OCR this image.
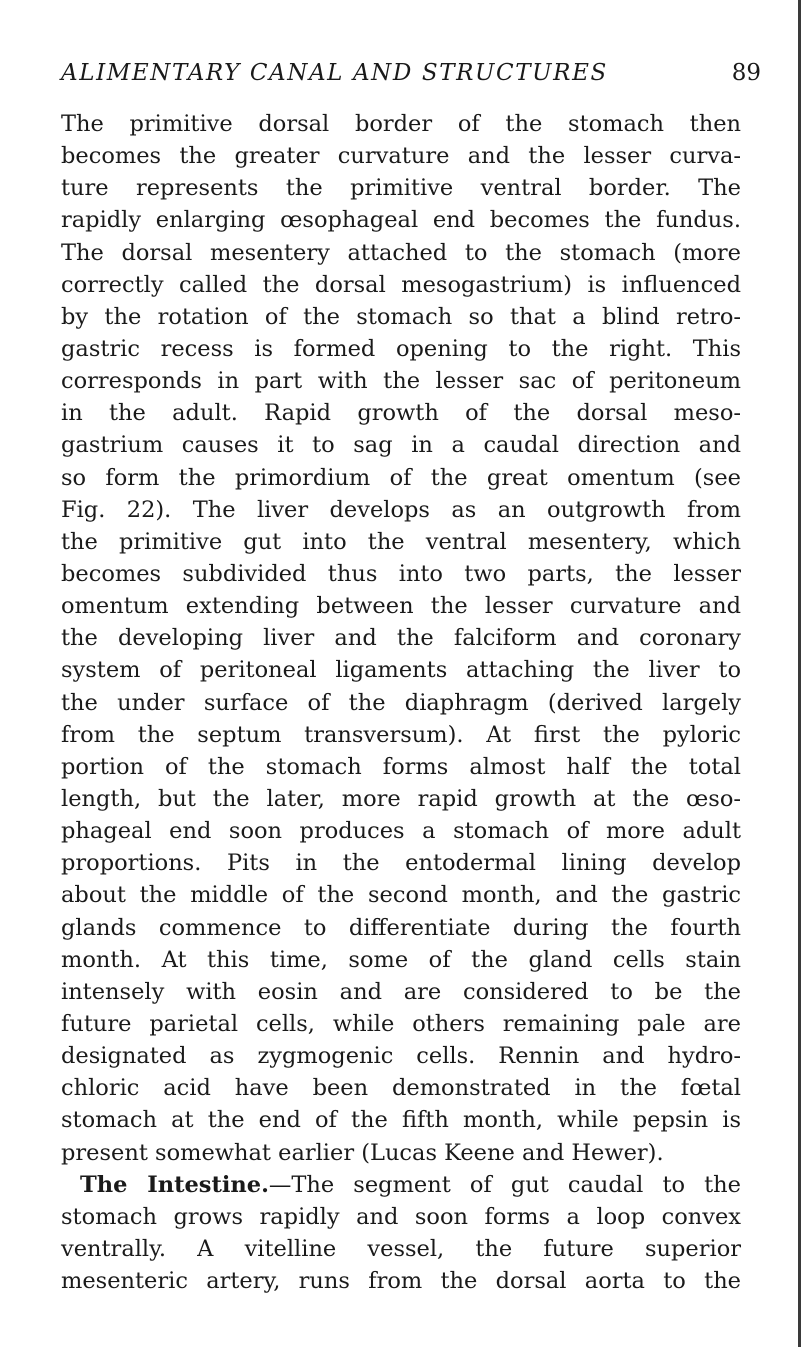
ALIMENTARY CANAL AND STRUCTURES	89
The primitive dorsal border of the stomach then
becomes the greater curvature and the lesser curva-
ture represents the primitive ventral border. The
rapidly enlarging œsophageal end becomes the fundus.
The dorsal mesentery attached to the stomach (more
correctly called the dorsal mesogastrium) is influenced
by the rotation of the stomach so that a blind retro-
gastric recess is formed opening to the right. This
corresponds in part with the lesser sac of peritoneum
in the adult. Rapid growth of the dorsal meso-
gastrium causes it to sag in a caudal direction and
so form the primordium of the great omentum (see
Fig. 22). The liver develops as an outgrowth from
the primitive gut into the ventral mesentery, which
becomes subdivided thus into two parts, the lesser
omentum extending between the lesser curvature and
the developing liver and the falciform and coronary
system of peritoneal ligaments attaching the liver to
the under surface of the diaphragm (derived largely
from the septum transversum). At first the pyloric
portion of the stomach forms almost half the total
length, but the later, more rapid growth at the œso-
phageal end soon produces a stomach of more adult
proportions. Pits in the entodermal lining develop
about the middle of the second month, and the gastric
glands commence to differentiate during the fourth
month. At this time, some of the gland cells stain
intensely with eosin and are considered to be the
future parietal cells, while others remaining pale are
designated as zygmogenic cells. Rennin and hydro-
chloric acid have been demonstrated in the fœtal
stomach at the end of the fifth month, while pepsin is
present somewhat earlier (Lucas Keene and Hewer).
The Intestine.—The segment of gut caudal to the
stomach grows rapidly and soon forms a loop convex
ventrally. A vitelline vessel, the future superior
mesenteric artery, runs from the dorsal aorta to the
